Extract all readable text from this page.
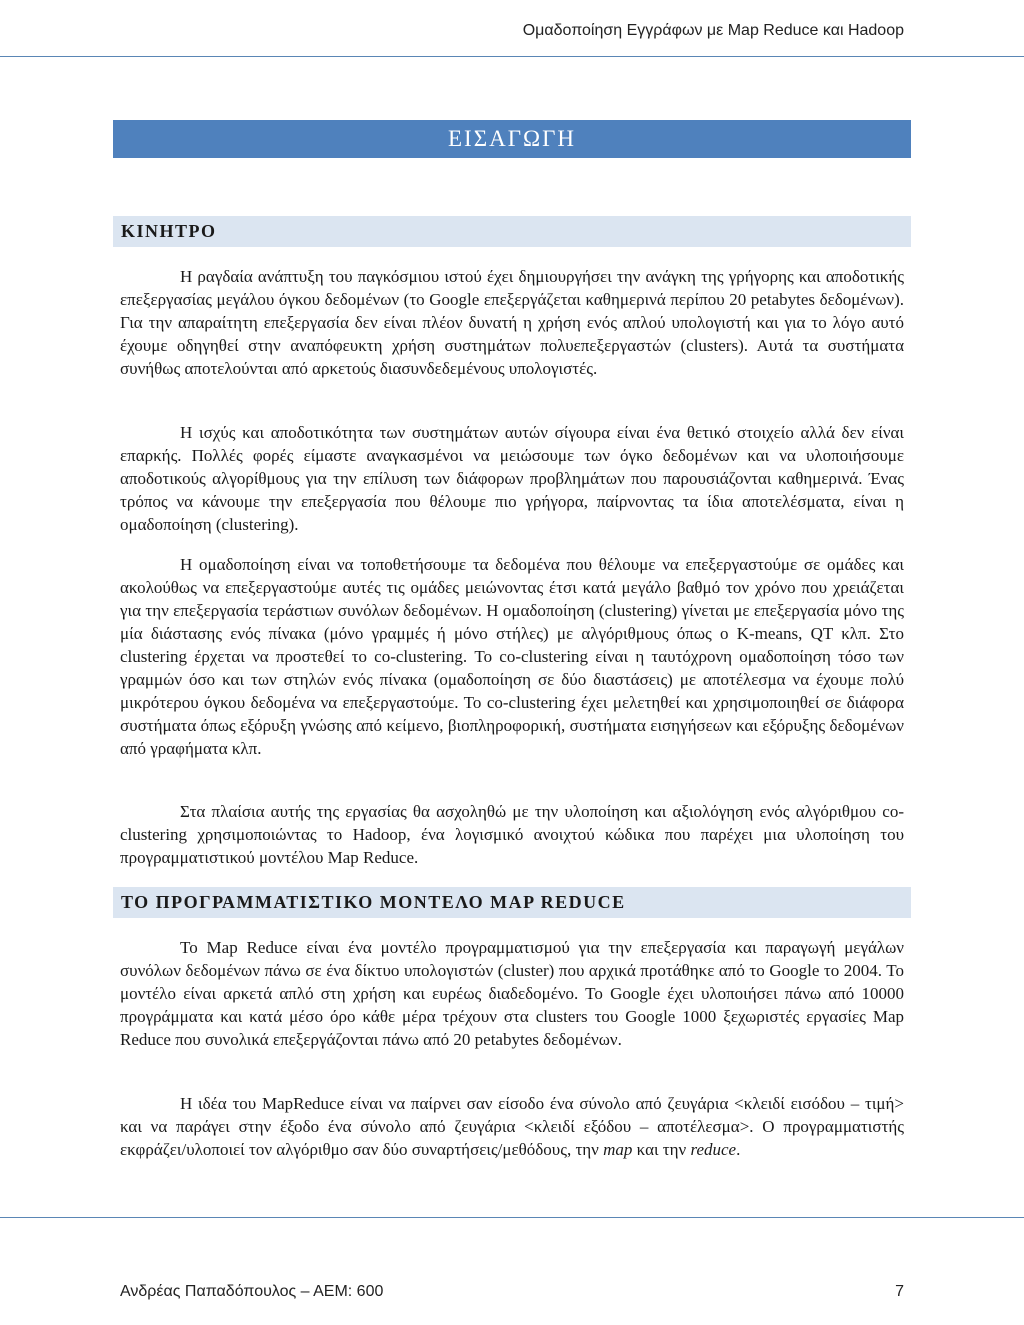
Ομαδοποίηση Εγγράφων με Map Reduce και Hadoop
ΕΙΣΑΓΩΓΗ
ΚΙΝΗΤΡΟ

Η ραγδαία ανάπτυξη του παγκόσμιου ιστού έχει δημιουργήσει την ανάγκη της γρήγορης και αποδοτικής επεξεργασίας μεγάλου όγκου δεδομένων (το Google επεξεργάζεται καθημερινά περίπου 20 petabytes δεδομένων). Για την απαραίτητη επεξεργασία δεν είναι πλέον δυνατή η χρήση ενός απλού υπολογιστή και για το λόγο αυτό έχουμε οδηγηθεί στην αναπόφευκτη χρήση συστημάτων πολυεπεξεργαστών (clusters). Αυτά τα συστήματα συνήθως αποτελούνται από αρκετούς διασυνδεδεμένους υπολογιστές.

Η ισχύς και αποδοτικότητα των συστημάτων αυτών σίγουρα είναι ένα θετικό στοιχείο αλλά δεν είναι επαρκής. Πολλές φορές είμαστε αναγκασμένοι να μειώσουμε των όγκο δεδομένων και να υλοποιήσουμε αποδοτικούς αλγορίθμους για την επίλυση των διάφορων προβλημάτων που παρουσιάζονται καθημερινά. Ένας τρόπος να κάνουμε την επεξεργασία που θέλουμε πιο γρήγορα, παίρνοντας τα ίδια αποτελέσματα, είναι η ομαδοποίηση (clustering).

Η ομαδοποίηση είναι να τοποθετήσουμε τα δεδομένα που θέλουμε να επεξεργαστούμε σε ομάδες και ακολούθως να επεξεργαστούμε αυτές τις ομάδες μειώνοντας έτσι κατά μεγάλο βαθμό τον χρόνο που χρειάζεται για την επεξεργασία τεράστιων συνόλων δεδομένων. Η ομαδοποίηση (clustering) γίνεται με επεξεργασία μόνο της μία διάστασης ενός πίνακα (μόνο γραμμές ή μόνο στήλες) με αλγόριθμους όπως ο K-means, QT κλπ. Στο clustering έρχεται να προστεθεί το co-clustering. Το co-clustering είναι η ταυτόχρονη ομαδοποίηση τόσο των γραμμών όσο και των στηλών ενός πίνακα (ομαδοποίηση σε δύο διαστάσεις) με αποτέλεσμα να έχουμε πολύ μικρότερου όγκου δεδομένα να επεξεργαστούμε. Το co-clustering έχει μελετηθεί και χρησιμοποιηθεί σε διάφορα συστήματα όπως εξόρυξη γνώσης από κείμενο, βιοπληροφορική, συστήματα εισηγήσεων και εξόρυξης δεδομένων από γραφήματα κλπ.

Στα πλαίσια αυτής της εργασίας θα ασχοληθώ με την υλοποίηση και αξιολόγηση ενός αλγόριθμου co-clustering χρησιμοποιώντας το Hadoop, ένα λογισμικό ανοιχτού κώδικα που παρέχει μια υλοποίηση του προγραμματιστικού μοντέλου Map Reduce.

ΤΟ ΠΡΟΓΡΑΜΜΑΤΙΣΤΙΚΟ ΜΟΝΤΕΛΟ MAP REDUCE

Το Map Reduce είναι ένα μοντέλο προγραμματισμού για την επεξεργασία και παραγωγή μεγάλων συνόλων δεδομένων πάνω σε ένα δίκτυο υπολογιστών (cluster) που αρχικά προτάθηκε από το Google το 2004. Το μοντέλο είναι αρκετά απλό στη χρήση και ευρέως διαδεδομένο. Το Google έχει υλοποιήσει πάνω από 10000 προγράμματα και κατά μέσο όρο κάθε μέρα τρέχουν στα clusters του Google 1000 ξεχωριστές εργασίες Map Reduce που συνολικά επεξεργάζονται πάνω από 20 petabytes δεδομένων.

Η ιδέα του MapReduce είναι να παίρνει σαν είσοδο ένα σύνολο από ζευγάρια <κλειδί εισόδου – τιμή> και να παράγει στην έξοδο ένα σύνολο από ζευγάρια <κλειδί εξόδου – αποτέλεσμα>. Ο προγραμματιστής εκφράζει/υλοποιεί τον αλγόριθμο σαν δύο συναρτήσεις/μεθόδους, την map και την reduce.

Ανδρέας Παπαδόπουλος – ΑΕΜ: 600	7
